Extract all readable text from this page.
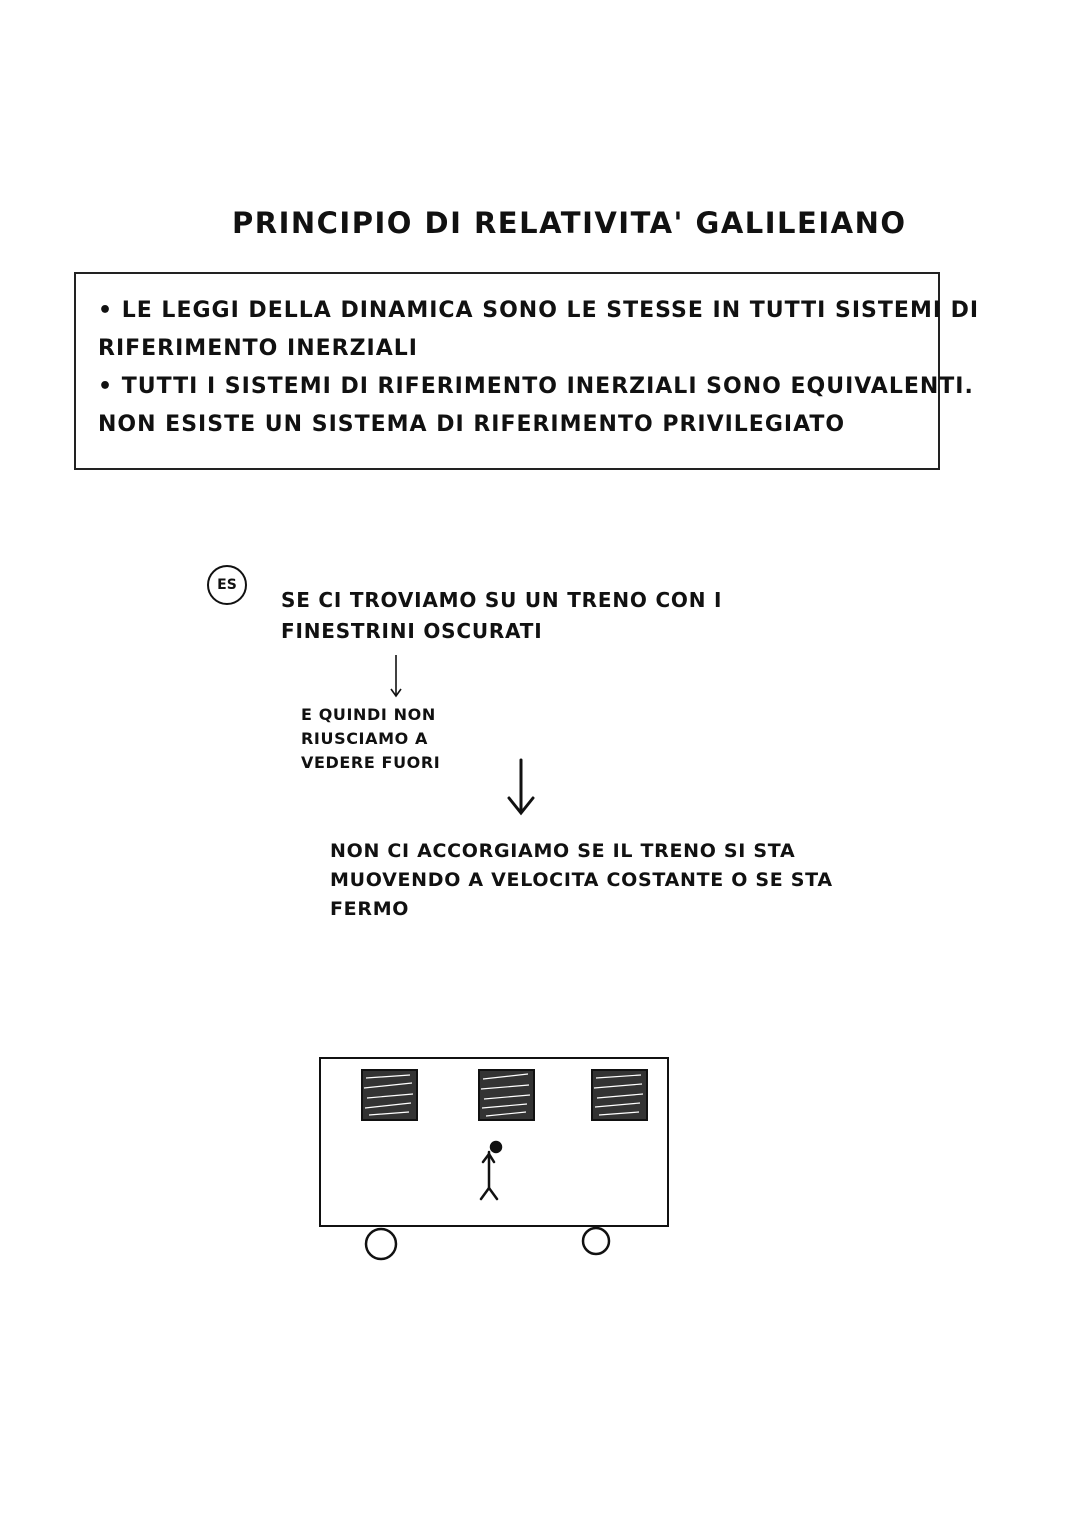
PRINCIPIO DI RELATIVITA' GALILEIANO
• LE LEGGI DELLA DINAMICA SONO LE STESSE IN TUTTI SISTEMI DI
RIFERIMENTO INERZIALI
• TUTTI I SISTEMI DI RIFERIMENTO INERZIALI SONO EQUIVALENTI.
NON ESISTE UN SISTEMA DI RIFERIMENTO PRIVILEGIATO
ES
SE CI TROVIAMO SU UN TRENO CON I
FINESTRINI OSCURATI
E QUINDI NON
RIUSCIAMO A
VEDERE FUORI
NON CI ACCORGIAMO SE IL TRENO SI STA
MUOVENDO A VELOCITA COSTANTE O SE STA
FERMO
